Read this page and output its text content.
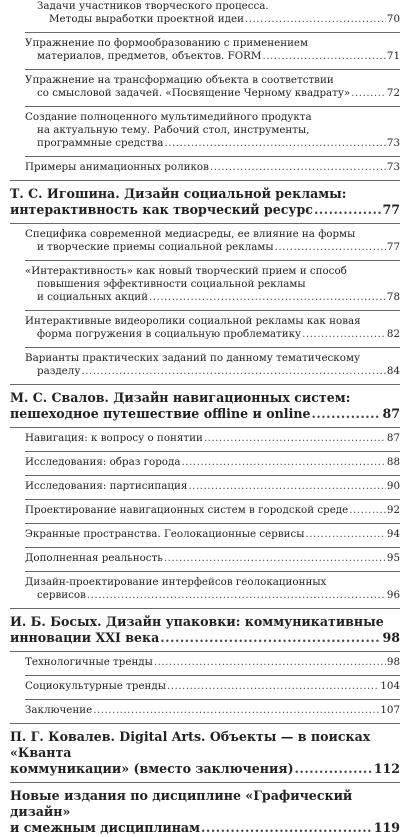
Задачи участников творческого процесса.
Методы выработки проектной идеи .....	70
Упражнение по формообразованию с применением
материалов, предметов, объектов. FORM .....	71
Упражнение на трансформацию объекта в соответствии
со смысловой задачей. «Посвящение Черному квадрату» .....	72
Создание полноценного мультимедийного продукта
на актуальную тему. Рабочий стол, инструменты,
программные средства .....	73
Примеры анимационных роликов .....	73
Т. С. Игошина. Дизайн социальной рекламы:
интерактивность как творческий ресурс .....	77
Специфика современной медиасреды, ее влияние на формы
и творческие приемы социальной рекламы .....	77
«Интерактивность» как новый творческий прием и способ
повышения эффективности социальной рекламы
и социальных акций .....	78
Интерактивные видеоролики социальной рекламы как новая
форма погружения в социальную проблематику .....	82
Варианты практических заданий по данному тематическому
разделу .....	84
М. С. Свалов. Дизайн навигационных систем:
пешеходное путешествие offline и online .....	87
Навигация: к вопросу о понятии .....	87
Исследования: образ города .....	88
Исследования: партисипация .....	90
Проектирование навигационных систем в городской среде .....	92
Экранные пространства. Геолокационные сервисы .....	94
Дополненная реальность .....	95
Дизайн-проектирование интерфейсов геолокационных
сервисов .....	96
И. Б. Босых. Дизайн упаковки: коммуникативные
инновации XXI века .....	98
Технологичные тренды .....	98
Социокультурные тренды .....	104
Заключение .....	107
П. Г. Ковалев. Digital Arts. Объекты — в поисках «Кванта
коммуникации» (вместо заключения) .....	112
Новые издания по дисциплине «Графический дизайн»
и смежным дисциплинам .....	119
